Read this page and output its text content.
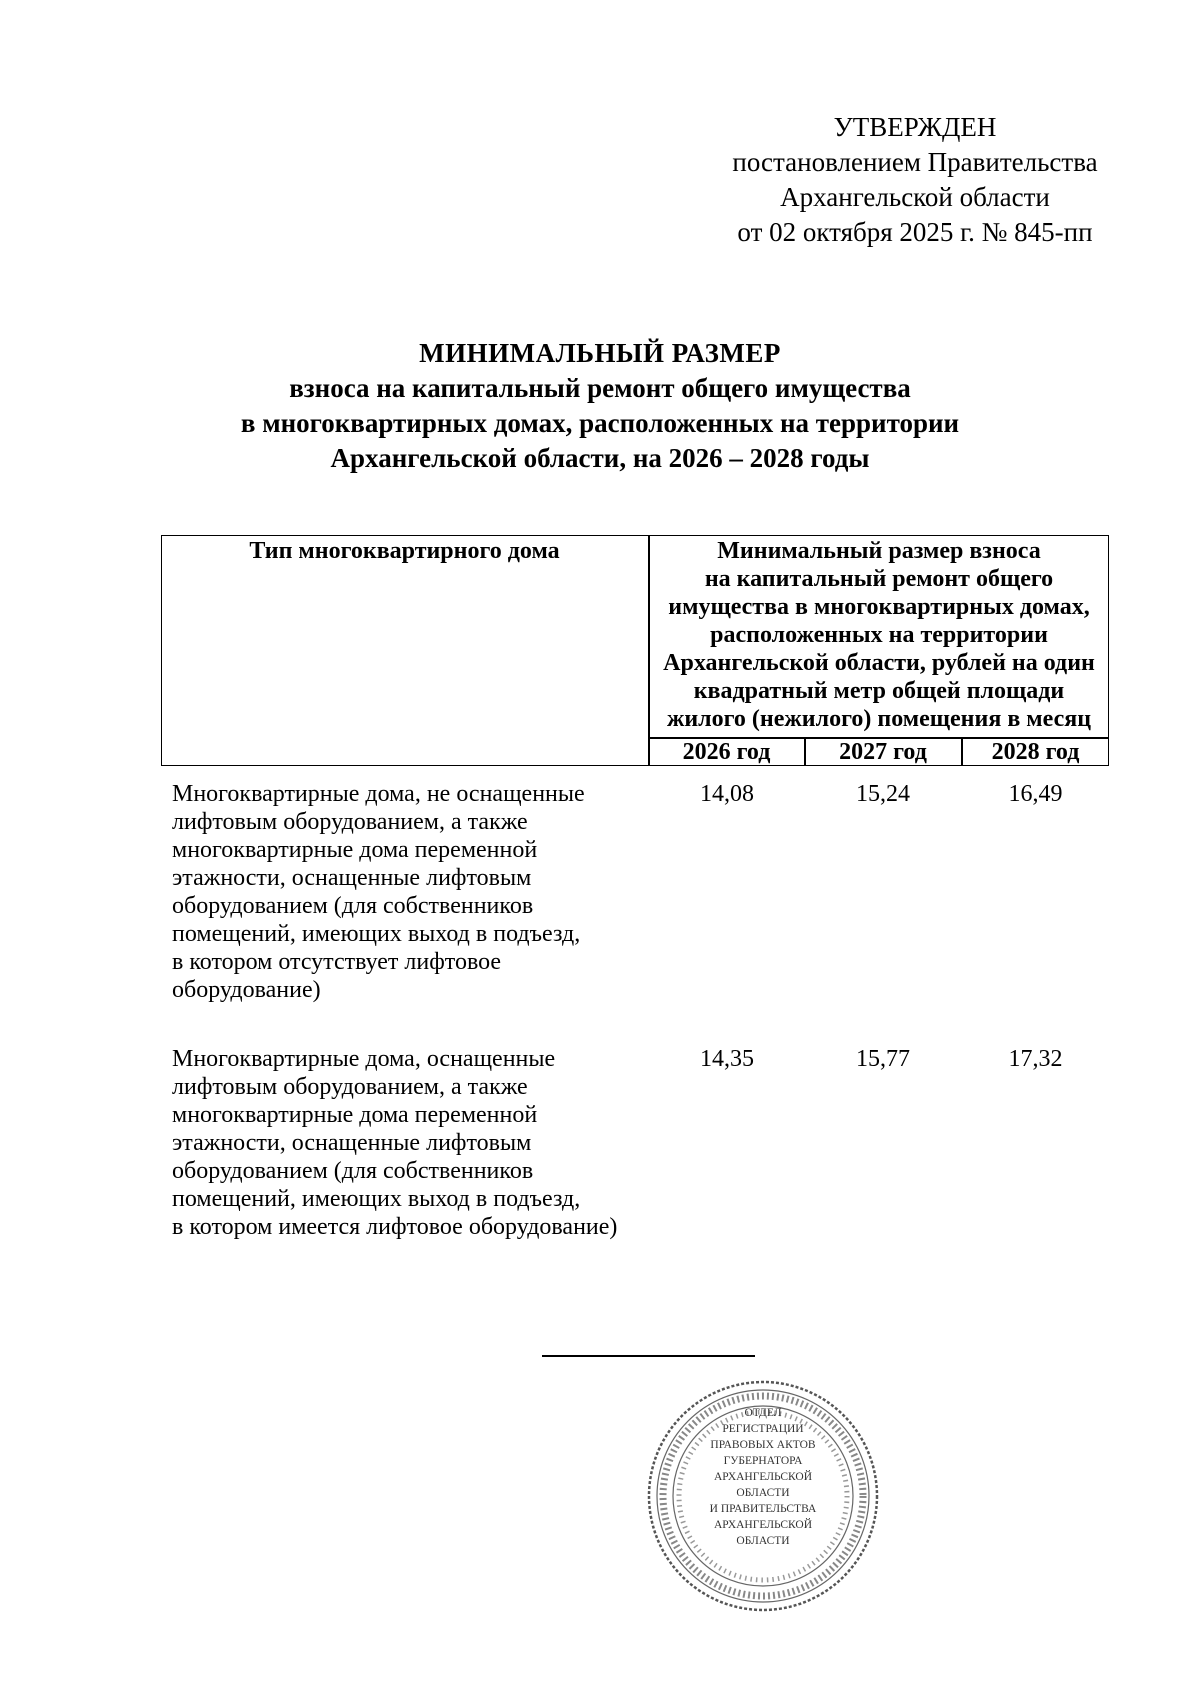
УТВЕРЖДЕН
постановлением Правительства
Архангельской области
от 02 октября 2025 г. № 845-пп
МИНИМАЛЬНЫЙ РАЗМЕР
взноса на капитальный ремонт общего имущества
в многоквартирных домах, расположенных на территории
Архангельской области, на 2026 – 2028 годы
Тип многоквартирного дома	Минимальный размер взноса
на капитальный ремонт общего
имущества в многоквартирных домах,
расположенных на территории
Архангельской области, рублей на один
квадратный метр общей площади
жилого (нежилого) помещения в месяц
2026 год	2027 год	2028 год
Многоквартирные дома, не оснащенные
лифтовым оборудованием, а также
многоквартирные дома переменной
этажности, оснащенные лифтовым
оборудованием (для собственников
помещений, имеющих выход в подъезд,
в котором отсутствует лифтовое
оборудование)
14,08	15,24	16,49
Многоквартирные дома, оснащенные
лифтовым оборудованием, а также
многоквартирные дома переменной
этажности, оснащенные лифтовым
оборудованием (для собственников
помещений, имеющих выход в подъезд,
в котором имеется лифтовое оборудование)
14,35	15,77	17,32
ОТДЕЛ
РЕГИСТРАЦИИ
ПРАВОВЫХ АКТОВ
ГУБЕРНАТОРА
АРХАНГЕЛЬСКОЙ
ОБЛАСТИ
И ПРАВИТЕЛЬСТВА
АРХАНГЕЛЬСКОЙ
ОБЛАСТИ
